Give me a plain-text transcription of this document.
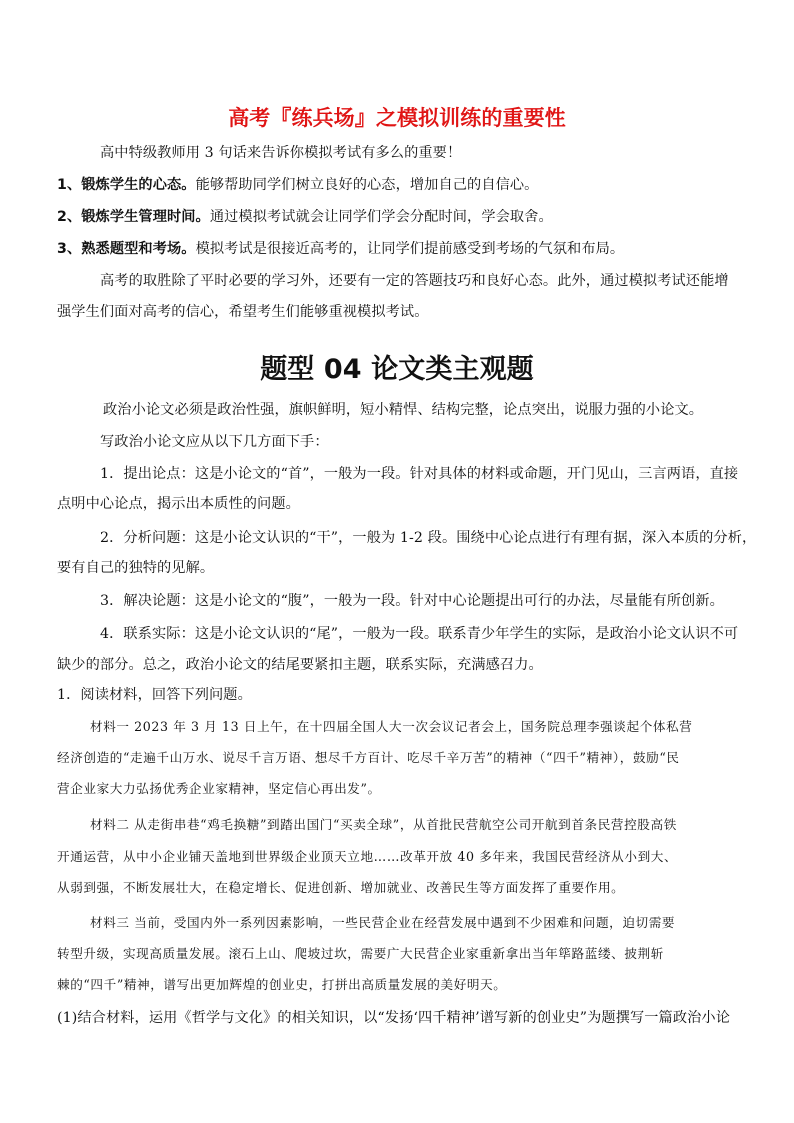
高考『练兵场』之模拟训练的重要性
高中特级教师用 3 句话来告诉你模拟考试有多么的重要！
1、锻炼学生的心态。能够帮助同学们树立良好的心态，增加自己的自信心。
2、锻炼学生管理时间。通过模拟考试就会让同学们学会分配时间，学会取舍。
3、熟悉题型和考场。模拟考试是很接近高考的，让同学们提前感受到考场的气氛和布局。
高考的取胜除了平时必要的学习外，还要有一定的答题技巧和良好心态。此外，通过模拟考试还能增
强学生们面对高考的信心，希望考生们能够重视模拟考试。
题型 04 论文类主观题
政治小论文必须是政治性强，旗帜鲜明，短小精悍、结构完整，论点突出，说服力强的小论文。
写政治小论文应从以下几方面下手：
1．提出论点：这是小论文的“首”，一般为一段。针对具体的材料或命题，开门见山，三言两语，直接
点明中心论点，揭示出本质性的问题。
2．分析问题：这是小论文认识的“干”，一般为 1-2 段。围绕中心论点进行有理有据，深入本质的分析，
要有自己的独特的见解。
3．解决论题：这是小论文的“腹”，一般为一段。针对中心论题提出可行的办法，尽量能有所创新。
4．联系实际：这是小论文认识的“尾”，一般为一段。联系青少年学生的实际，是政治小论文认识不可
缺少的部分。总之，政治小论文的结尾要紧扣主题，联系实际，充满感召力。
1．阅读材料，回答下列问题。
材料一 2023 年 3 月 13 日上午，在十四届全国人大一次会议记者会上，国务院总理李强谈起个体私营
经济创造的“走遍千山万水、说尽千言万语、想尽千方百计、吃尽千辛万苦”的精神（“四千”精神），鼓励“民
营企业家大力弘扬优秀企业家精神，坚定信心再出发”。
材料二 从走街串巷“鸡毛换糖”到踏出国门“买卖全球”，从首批民营航空公司开航到首条民营控股高铁
开通运营，从中小企业铺天盖地到世界级企业顶天立地……改革开放 40 多年来，我国民营经济从小到大、
从弱到强，不断发展壮大，在稳定增长、促进创新、增加就业、改善民生等方面发挥了重要作用。
材料三 当前，受国内外一系列因素影响，一些民营企业在经营发展中遇到不少困难和问题，迫切需要
转型升级，实现高质量发展。滚石上山、爬坡过坎，需要广大民营企业家重新拿出当年筚路蓝缕、披荆斩
棘的“四千”精神，谱写出更加辉煌的创业史，打拼出高质量发展的美好明天。
(1)结合材料，运用《哲学与文化》的相关知识，以“发扬‘四千精神’谱写新的创业史”为题撰写一篇政治小论
